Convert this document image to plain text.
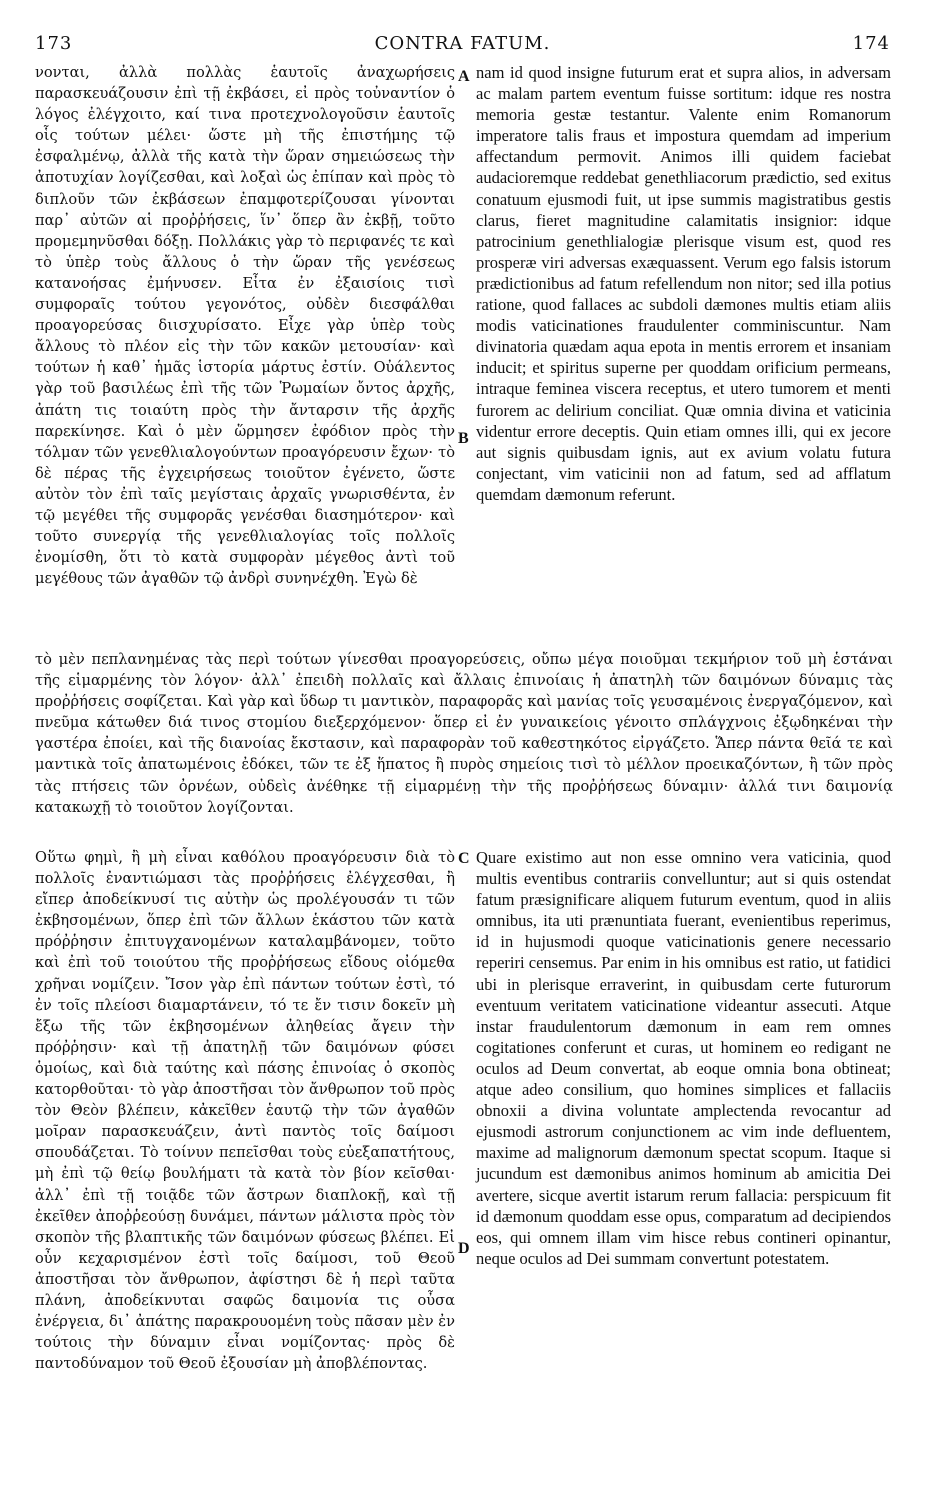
173	CONTRA FATUM.	174
νονται, ἀλλὰ πολλὰς ἑαυτοῖς ἀναχωρήσεις παρασκευάζουσιν ἐπὶ τῇ ἐκβάσει, εἰ πρὸς τοὐναντίον ὁ λόγος ἐλέγχοιτο, καί τινα προτεχνολογοῦσιν ἑαυτοῖς οἷς τούτων μέλει· ὥστε μὴ τῆς ἐπιστήμης τῷ ἐσφαλμένῳ, ἀλλὰ τῆς κατὰ τὴν ὥραν σημειώσεως τὴν ἀποτυχίαν λογίζεσθαι, καὶ λοξαὶ ὡς ἐπίπαν καὶ πρὸς τὸ διπλοῦν τῶν ἐκβάσεων ἐπαμφοτερίζουσαι γίνονται παρ᾽ αὐτῶν αἱ προῤῥήσεις, ἵν᾽ ὅπερ ἂν ἐκβῇ, τοῦτο προμεμηνῦσθαι δόξῃ. Πολλάκις γὰρ τὸ περιφανές τε καὶ τὸ ὑπὲρ τοὺς ἄλλους ὁ τὴν ὥραν τῆς γενέσεως κατανοήσας ἐμήνυσεν. Εἶτα ἐν ἐξαισίοις τισὶ συμφοραῖς τούτου γεγονότος, οὐδὲν διεσφάλθαι προαγορεύσας διισχυρίσατο. Εἶχε γὰρ ὑπὲρ τοὺς ἄλλους τὸ πλέον εἰς τὴν τῶν κακῶν μετουσίαν· καὶ τούτων ἡ καθ᾽ ἡμᾶς ἱστορία μάρτυς ἐστίν. Οὐάλεντος γὰρ τοῦ βασιλέως ἐπὶ τῆς τῶν Ῥωμαίων ὄντος ἀρχῆς, ἀπάτη τις τοιαύτη πρὸς τὴν ἄνταρσιν τῆς ἀρχῆς παρεκίνησε. Καὶ ὁ μὲν ὥρμησεν ἐφόδιον πρὸς τὴν τόλμαν τῶν γενεθλιαλογούντων προαγόρευσιν ἔχων· τὸ δὲ πέρας τῆς ἐγχειρήσεως τοιοῦτον ἐγένετο, ὥστε αὐτὸν τὸν ἐπὶ ταῖς μεγίσταις ἀρχαῖς γνωρισθέντα, ἐν τῷ μεγέθει τῆς συμφορᾶς γενέσθαι διασημότερον· καὶ τοῦτο συνεργίᾳ τῆς γενεθλιαλογίας τοῖς πολλοῖς ἐνομίσθη, ὅτι τὸ κατὰ συμφορὰν μέγεθος ἀντὶ τοῦ μεγέθους τῶν ἀγαθῶν τῷ ἀνδρὶ συνηνέχθη. Ἐγὼ δὲ
nam id quod insigne futurum erat et supra alios, in adversam ac malam partem eventum fuisse sortitum: idque res nostra memoria gestæ testantur. Valente enim Romanorum imperatore talis fraus et impostura quemdam ad imperium affectandum permovit. Animos illi quidem faciebat audacioremque reddebat genethliacorum prædictio, sed exitus conatuum ejusmodi fuit, ut ipse summis magistratibus gestis clarus, fieret magnitudine calamitatis insignior: idque patrocinium genethlialogiæ plerisque visum est, quod res prosperæ viri adversas exæquassent. Verum ego falsis istorum prædictionibus ad fatum refellendum non nitor; sed illa potius ratione, quod fallaces ac subdoli dæmones multis etiam aliis modis vaticinationes fraudulenter comminiscuntur. Nam divinatoria quædam aqua epota in mentis errorem et insaniam inducit; et spiritus superne per quoddam orificium permeans, intraque feminea viscera receptus, et utero tumorem et menti furorem ac delirium conciliat. Quæ omnia divina et vaticinia videntur errore deceptis. Quin etiam omnes illi, qui ex jecore aut signis quibusdam ignis, aut ex avium volatu futura conjectant, vim vaticinii non ad fatum, sed ad afflatum quemdam dæmonum referunt.
A
B
τὸ μὲν πεπλανημένας τὰς περὶ τούτων γίνεσθαι προαγορεύσεις, οὔπω μέγα ποιοῦμαι τεκμήριον τοῦ μὴ ἑστάναι τῆς εἱμαρμένης τὸν λόγον· ἀλλ᾽ ἐπειδὴ πολλαῖς καὶ ἄλλαις ἐπινοίαις ἡ ἀπατηλὴ τῶν δαιμόνων δύναμις τὰς προῤῥήσεις σοφίζεται. Καὶ γὰρ καὶ ὕδωρ τι μαντικὸν, παραφορᾶς καὶ μανίας τοῖς γευσαμένοις ἐνεργαζόμενον, καὶ πνεῦμα κάτωθεν διά τινος στομίου διεξερχόμενον· ὅπερ εἰ ἐν γυναικείοις γένοιτο σπλάγχνοις ἐξῳδηκέναι τὴν γαστέρα ἐποίει, καὶ τῆς διανοίας ἔκστασιν, καὶ παραφορὰν τοῦ καθεστηκότος εἰργάζετο. Ἅπερ πάντα θεῖά τε καὶ μαντικὰ τοῖς ἀπατωμένοις ἐδόκει, τῶν τε ἐξ ἥπατος ἢ πυρὸς σημείοις τισὶ τὸ μέλλον προεικαζόντων, ἢ τῶν πρὸς τὰς πτήσεις τῶν ὀρνέων, οὐδεὶς ἀνέθηκε τῇ εἱμαρμένῃ τὴν τῆς προῤῥήσεως δύναμιν· ἀλλά τινι δαιμονίᾳ κατακωχῇ τὸ τοιοῦτον λογίζονται.
Οὕτω φημὶ, ἢ μὴ εἶναι καθόλου προαγόρευσιν διὰ τὸ πολλοῖς ἐναντιώμασι τὰς προῤῥήσεις ἐλέγχεσθαι, ἢ εἴπερ ἀποδείκνυσί τις αὐτὴν ὡς προλέγουσάν τι τῶν ἐκβησομένων, ὅπερ ἐπὶ τῶν ἄλλων ἑκάστου τῶν κατὰ πρόῤῥησιν ἐπιτυγχανομένων καταλαμβάνομεν, τοῦτο καὶ ἐπὶ τοῦ τοιούτου τῆς προῤῥήσεως εἴδους οἰόμεθα χρῆναι νομίζειν. Ἴσον γὰρ ἐπὶ πάντων τούτων ἐστὶ, τό ἐν τοῖς πλείοσι διαμαρτάνειν, τό τε ἔν τισιν δοκεῖν μὴ ἔξω τῆς τῶν ἐκβησομένων ἀληθείας ἄγειν τὴν πρόῤῥησιν· καὶ τῇ ἀπατηλῇ τῶν δαιμόνων φύσει ὁμοίως, καὶ διὰ ταύτης καὶ πάσης ἐπινοίας ὁ σκοπὸς κατορθοῦται· τὸ γὰρ ἀποστῆσαι τὸν ἄνθρωπον τοῦ πρὸς τὸν Θεὸν βλέπειν, κἀκεῖθεν ἑαυτῷ τὴν τῶν ἀγαθῶν μοῖραν παρασκευάζειν, ἀντὶ παντὸς τοῖς δαίμοσι σπουδάζεται. Τὸ τοίνυν πεπεῖσθαι τοὺς εὐεξαπατήτους, μὴ ἐπὶ τῷ θείῳ βουλήματι τὰ κατὰ τὸν βίον κεῖσθαι· ἀλλ᾽ ἐπὶ τῇ τοιᾷδε τῶν ἄστρων διαπλοκῇ, καὶ τῇ ἐκεῖθεν ἀποῤῥεούσῃ δυνάμει, πάντων μάλιστα πρὸς τὸν σκοπὸν τῆς βλαπτικῆς τῶν δαιμόνων φύσεως βλέπει. Εἰ οὖν κεχαρισμένον ἐστὶ τοῖς δαίμοσι, τοῦ Θεοῦ ἀποστῆσαι τὸν ἄνθρωπον, ἀφίστησι δὲ ἡ περὶ ταῦτα πλάνη, ἀποδείκνυται σαφῶς δαιμονία τις οὖσα ἐνέργεια, δι᾽ ἀπάτης παρακρουομένη τοὺς πᾶσαν μὲν ἐν τούτοις τὴν δύναμιν εἶναι νομίζοντας· πρὸς δὲ παντοδύναμον τοῦ Θεοῦ ἐξουσίαν μὴ ἀποβλέποντας.
Quare existimo aut non esse omnino vera vaticinia, quod multis eventibus contrariis convelluntur; aut si quis ostendat fatum præsignificare aliquem futurum eventum, quod in aliis omnibus, ita uti prænuntiata fuerant, evenientibus reperimus, id in hujusmodi quoque vaticinationis genere necessario reperiri censemus. Par enim in his omnibus est ratio, ut fatidici ubi in plerisque erraverint, in quibusdam certe futurorum eventuum veritatem vaticinatione videantur assecuti. Atque instar fraudulentorum dæmonum in eam rem omnes cogitationes conferunt et curas, ut hominem eo redigant ne oculos ad Deum convertat, ab eoque omnia bona obtineat; atque adeo consilium, quo homines simplices et fallaciis obnoxii a divina voluntate amplectenda revocantur ad ejusmodi astrorum conjunctionem ac vim inde defluentem, maxime ad malignorum dæmonum spectat scopum. Itaque si jucundum est dæmonibus animos hominum ab amicitia Dei avertere, sicque avertit istarum rerum fallacia: perspicuum fit id dæmonum quoddam esse opus, comparatum ad decipiendos eos, qui omnem illam vim hisce rebus contineri opinantur, neque oculos ad Dei summam convertunt potestatem.
C
D
